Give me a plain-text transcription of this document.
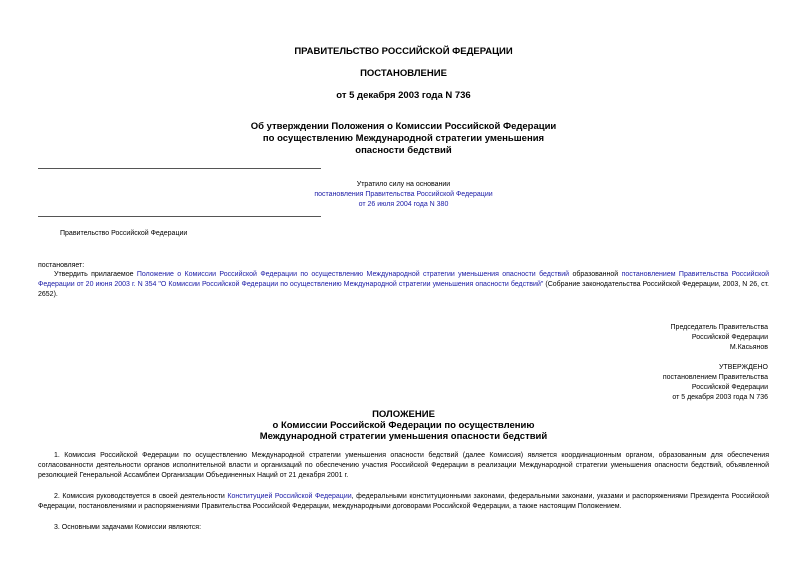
ПРАВИТЕЛЬСТВО РОССИЙСКОЙ ФЕДЕРАЦИИ
ПОСТАНОВЛЕНИЕ
от 5 декабря 2003 года N 736
Об утверждении Положения о Комиссии Российской Федерации
по осуществлению Международной стратегии уменьшения
опасности бедствий
Утратило силу на основании
постановления Правительства Российской Федерации
от 26 июля 2004 года N 380
Правительство Российской Федерации
постановляет:
Утвердить прилагаемое Положение о Комиссии Российской Федерации по осуществлению Международной стратегии уменьшения опасности бедствий образованной постановлением Правительства Российской Федерации от 20 июня 2003 г. N 354 "О Комиссии Российской Федерации по осуществлению Международной стратегии уменьшения опасности бедствий" (Собрание законодательства Российской Федерации, 2003, N 26, ст. 2652).
Председатель Правительства
Российской Федерации
М.Касьянов
УТВЕРЖДЕНО
постановлением Правительства
Российской Федерации
от 5 декабря 2003 года N 736
ПОЛОЖЕНИЕ
о Комиссии Российской Федерации по осуществлению
Международной стратегии уменьшения опасности бедствий
1. Комиссия Российской Федерации по осуществлению Международной стратегии уменьшения опасности бедствий (далее Комиссия) является координационным органом, образованным для обеспечения согласованности деятельности органов исполнительной власти и организаций по обеспечению участия Российской Федерации в реализации Международной стратегии уменьшения опасности бедствий, объявленной резолюцией Генеральной Ассамблеи Организации Объединенных Наций от 21 декабря 2001 г.
2. Комиссия руководствуется в своей деятельности Конституцией Российской Федерации, федеральными конституционными законами, федеральными законами, указами и распоряжениями Президента Российской Федерации, постановлениями и распоряжениями Правительства Российской Федерации, международными договорами Российской Федерации, а также настоящим Положением.
3. Основными задачами Комиссии являются:
